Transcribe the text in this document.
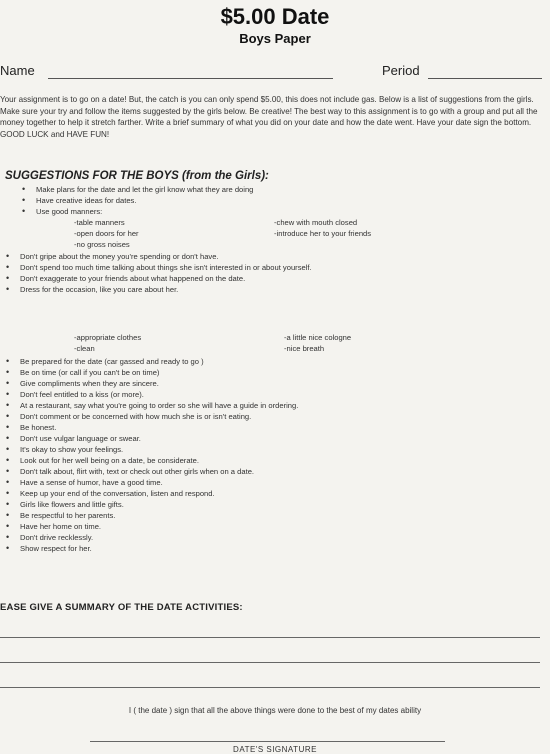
$5.00 Date
Boys Paper
Name	Period
Your assignment is to go on a date! But, the catch is you can only spend $5.00, this does not include gas. Below is a list of suggestions from the girls. Make sure your try and follow the items suggested by the girls below. Be creative! The best way to this assignment is to go with a group and put all the money together to help it stretch farther. Write a brief summary of what you did on your date and how the date went. Have your date sign the bottom. GOOD LUCK and HAVE FUN!
SUGGESTIONS FOR THE BOYS (from the Girls):
• Make plans for the date and let the girl know what they are doing
• Have creative ideas for dates.
• Use good manners:
-table manners
-open doors for her
-no gross noises
-chew with mouth closed
-introduce her to your friends
• Don't gripe about the money you're spending or don't have.
• Don't spend too much time talking about things she isn't interested in or about yourself.
• Don't exaggerate to your friends about what happened on the date.
• Dress for the occasion, like you care about her.
-appropriate clothes
-clean
-a little nice cologne
-nice breath
• Be prepared for the date (car gassed and ready to go )
• Be on time (or call if you can't be on time)
• Give compliments when they are sincere.
• Don't feel entitled to a kiss (or more).
• At a restaurant, say what you're going to order so she will have a guide in ordering.
• Don't comment or be concerned with how much she is or isn't eating.
• Be honest.
• Don't use vulgar language or swear.
• It's okay to show your feelings.
• Look out for her well being on a date, be considerate.
• Don't talk about, flirt with, text or check out other girls when on a date.
• Have a sense of humor, have a good time.
• Keep up your end of the conversation, listen and respond.
• Girls like flowers and little gifts.
• Be respectful to her parents.
• Have her home on time.
• Don't drive recklessly.
• Show respect for her.
EASE GIVE A SUMMARY OF THE DATE ACTIVITIES:
I ( the date ) sign that all the above things were done to the best of my dates ability
DATE'S SIGNATURE
